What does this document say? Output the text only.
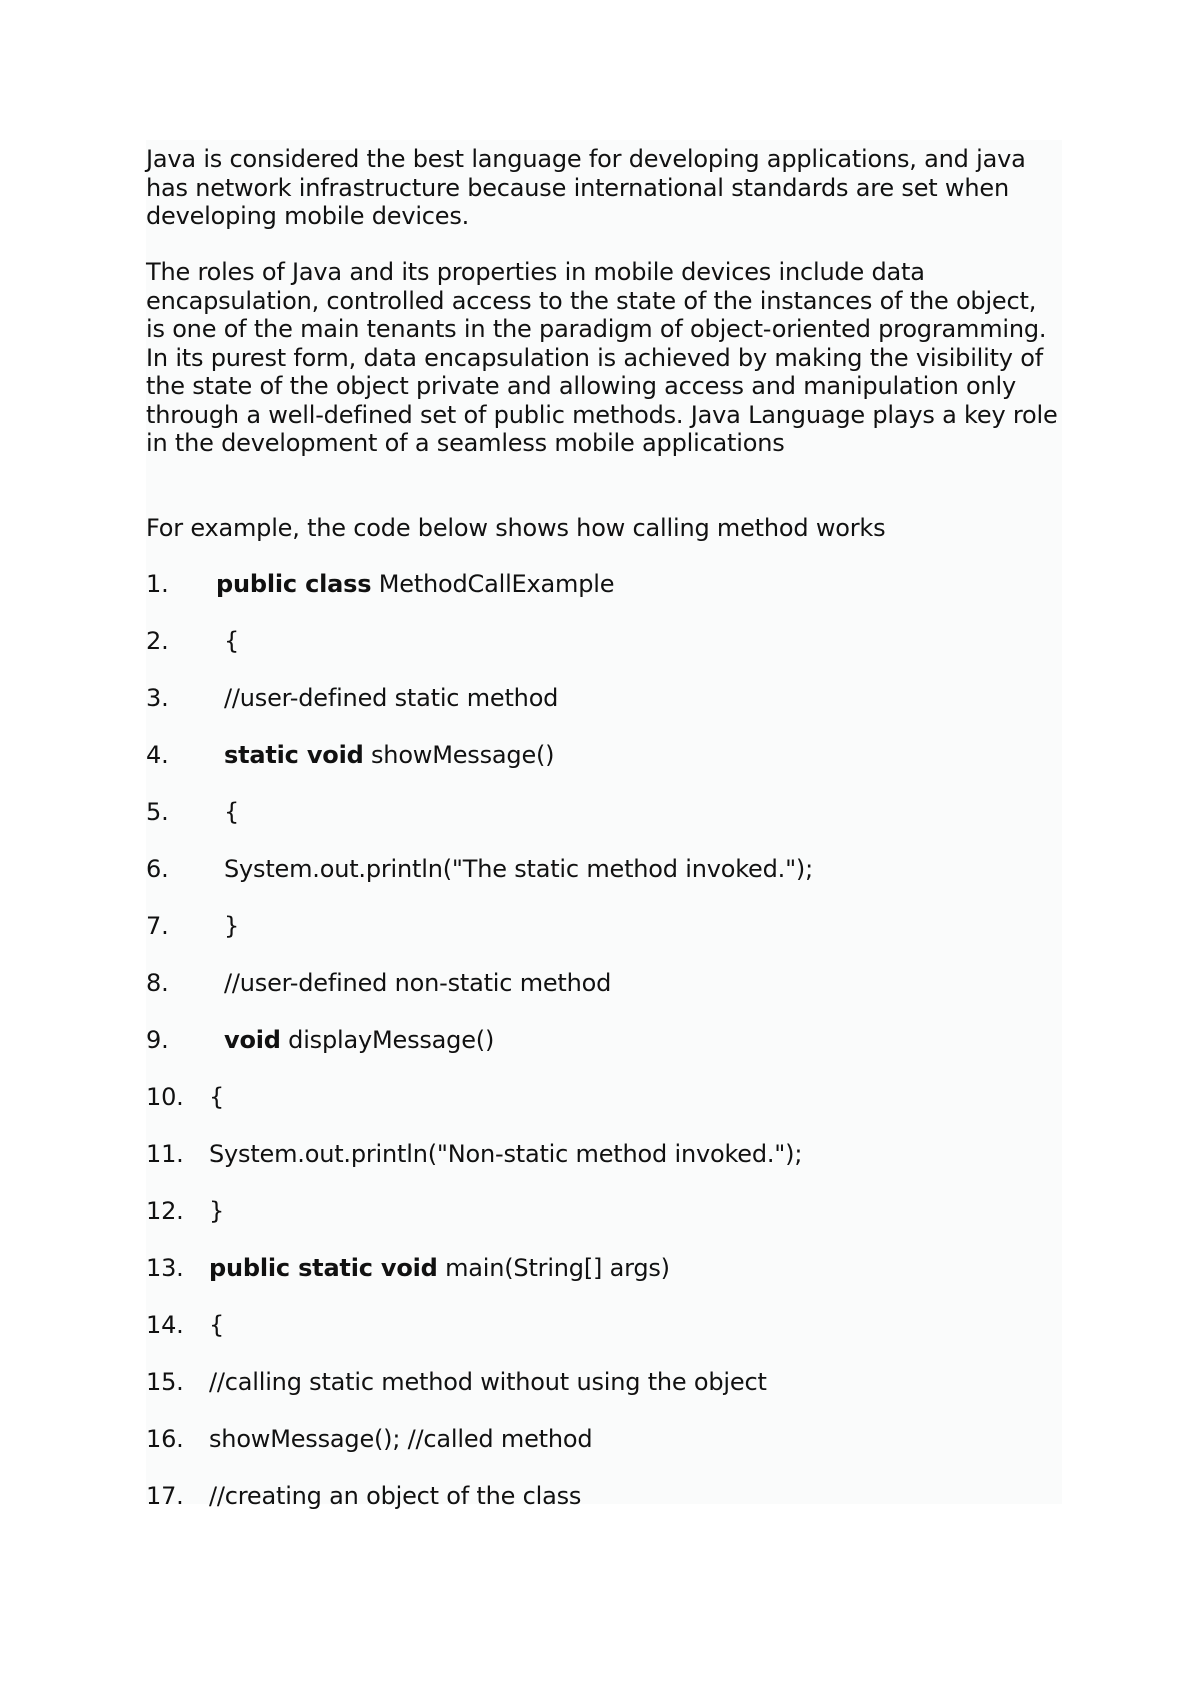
Java is considered the best language for developing applications, and java has network infrastructure because international standards are set when developing mobile devices.

The roles of Java and its properties in mobile devices include data encapsulation, controlled access to the state of the instances of the object, is one of the main tenants in the paradigm of object-oriented programming. In its purest form, data encapsulation is achieved by making the visibility of the state of the object private and allowing access and manipulation only through a well-defined set of public methods. Java Language plays a key role in the development of a seamless mobile applications

For example, the code below shows how calling method works

1.

public class MethodCallExample

2.

{

3.

//user-defined static method

4.

static void showMessage()

5.

{

6.

System.out.println("The static method invoked.");

7.

}

8.

//user-defined non-static method

9.

void displayMessage()

10.

{

11.

System.out.println("Non-static method invoked.");

12.

}

13.

public static void main(String[] args)

14.

{

15.

//calling static method without using the object

16.

showMessage(); //called method

17.

//creating an object of the class
